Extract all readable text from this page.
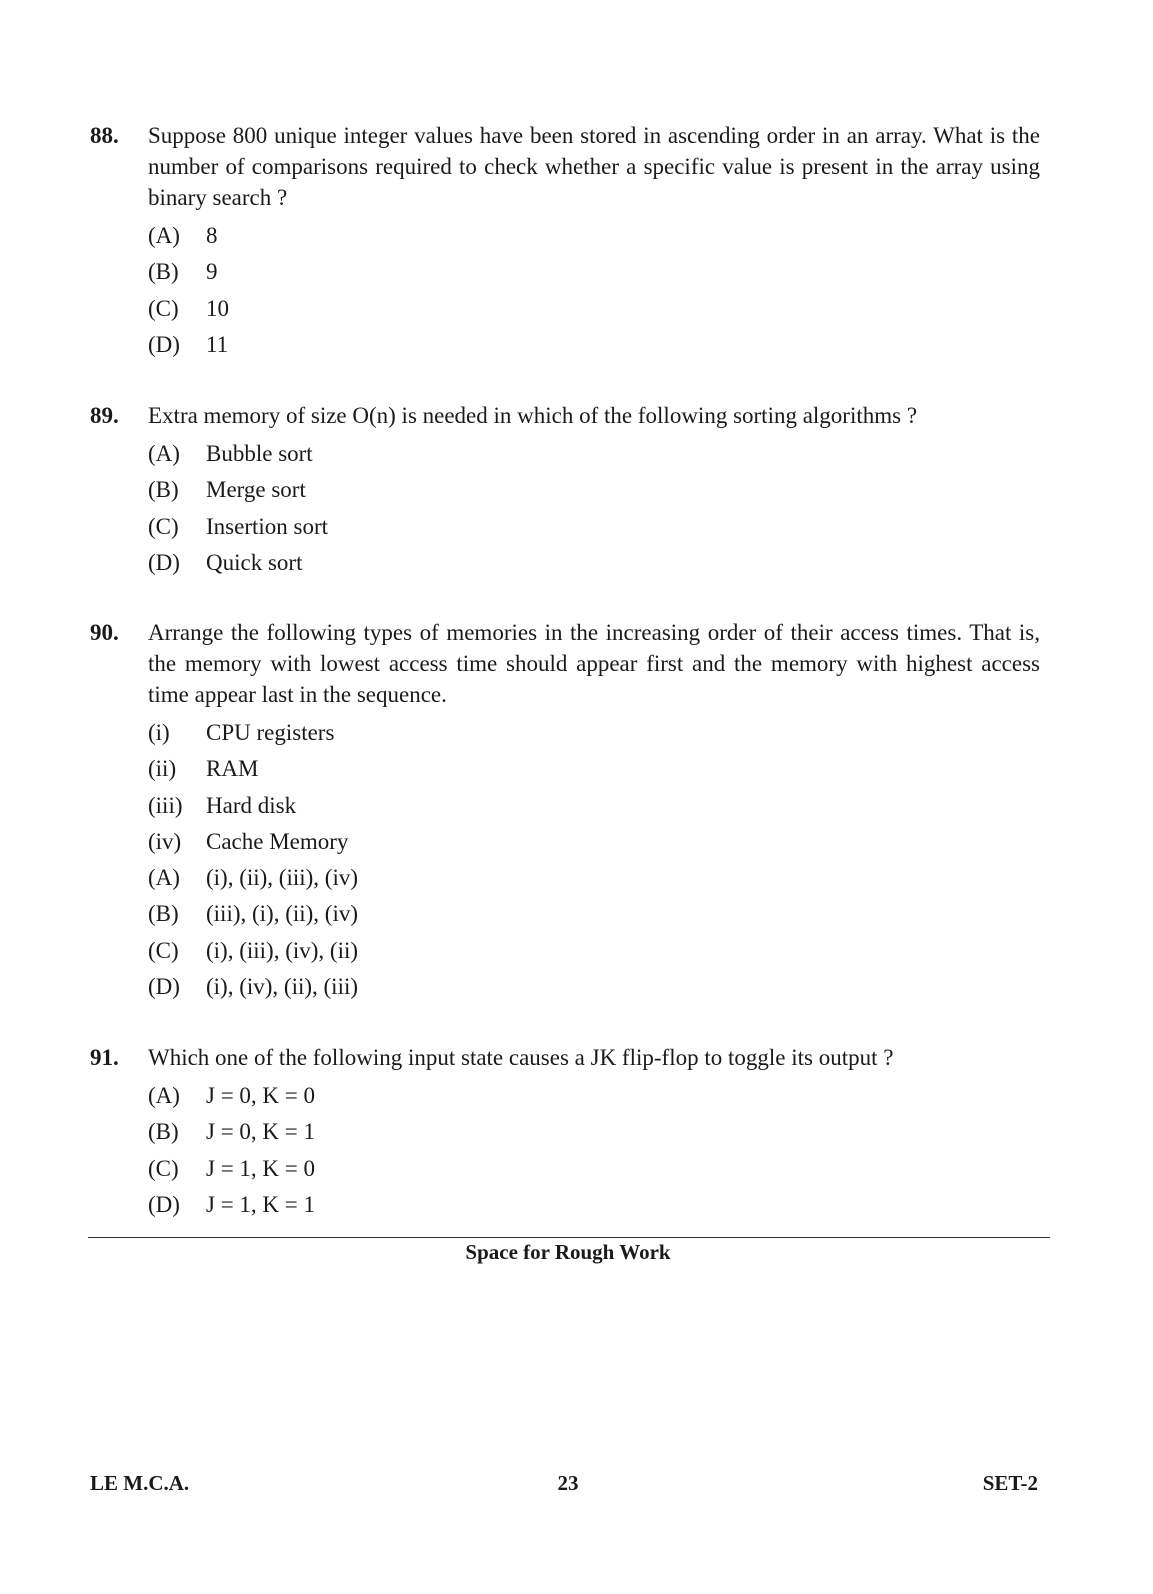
88. Suppose 800 unique integer values have been stored in ascending order in an array. What is the number of comparisons required to check whether a specific value is present in the array using binary search ?
(A)	8
(B)	9
(C)	10
(D)	11
89. Extra memory of size O(n) is needed in which of the following sorting algorithms ?
(A)	Bubble sort
(B)	Merge sort
(C)	Insertion sort
(D)	Quick sort
90. Arrange the following types of memories in the increasing order of their access times. That is, the memory with lowest access time should appear first and the memory with highest access time appear last in the sequence.
(i)	CPU registers
(ii)	RAM
(iii)	Hard disk
(iv)	Cache Memory
(A)	(i), (ii), (iii), (iv)
(B)	(iii), (i), (ii), (iv)
(C)	(i), (iii), (iv), (ii)
(D)	(i), (iv), (ii), (iii)
91. Which one of the following input state causes a JK flip-flop to toggle its output ?
(A)	J = 0, K = 0
(B)	J = 0, K = 1
(C)	J = 1, K = 0
(D)	J = 1, K = 1
Space for Rough Work
LE M.C.A.	23	SET-2
